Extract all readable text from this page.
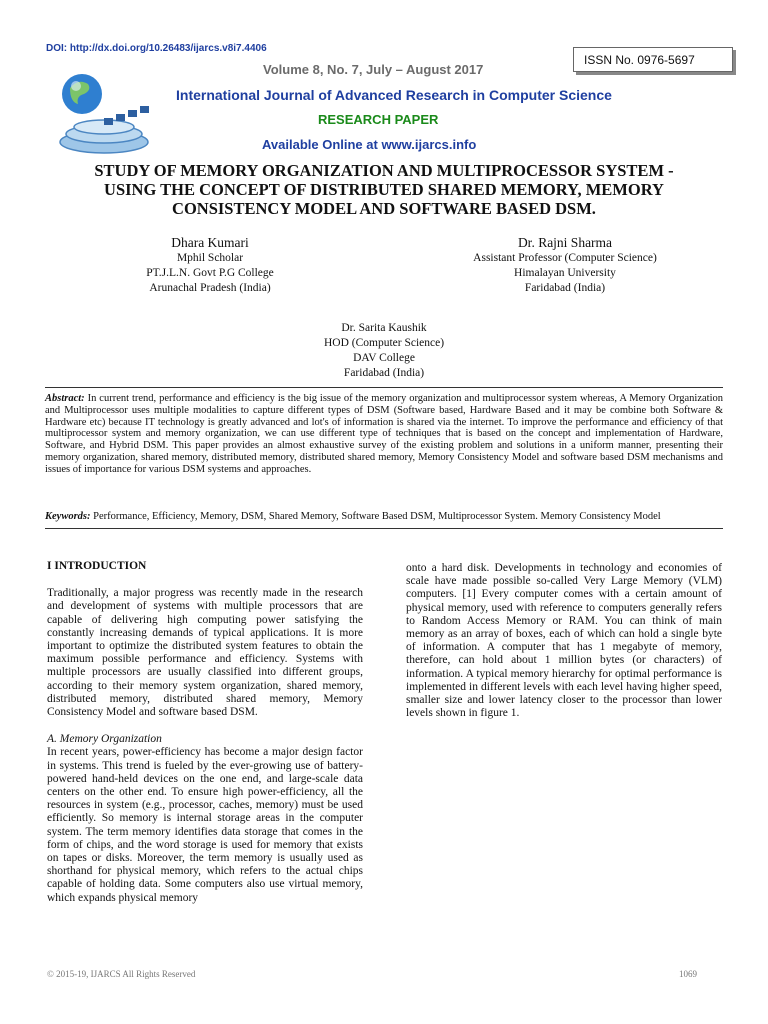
DOI: http://dx.doi.org/10.26483/ijarcs.v8i7.4406
ISSN No. 0976-5697
Volume 8, No. 7, July – August 2017
International Journal of Advanced Research in Computer Science
RESEARCH PAPER
Available Online at www.ijarcs.info
STUDY OF MEMORY ORGANIZATION AND MULTIPROCESSOR SYSTEM -
USING THE CONCEPT OF DISTRIBUTED SHARED MEMORY, MEMORY
CONSISTENCY MODEL AND SOFTWARE BASED DSM.
Dhara Kumari
Mphil Scholar
PT.J.L.N. Govt P.G College
Arunachal Pradesh (India)
Dr. Rajni Sharma
Assistant Professor (Computer Science)
Himalayan University
Faridabad (India)
Dr. Sarita Kaushik
HOD (Computer Science)
DAV College
Faridabad (India)
Abstract: In current trend, performance and efficiency is the big issue of the memory organization and multiprocessor system whereas, A Memory Organization and Multiprocessor uses multiple modalities to capture different types of DSM (Software based, Hardware Based and it may be combine both Software & Hardware etc) because IT technology is greatly advanced and lot's of information is shared via the internet. To improve the performance and efficiency of that multiprocessor system and memory organization, we can use different type of techniques that is based on the concept and implementation of Hardware, Software, and Hybrid DSM. This paper provides an almost exhaustive survey of the existing problem and solutions in a uniform manner, presenting their memory organization, shared memory, distributed memory, distributed shared memory, Memory Consistency Model and software based DSM mechanisms and issues of importance for various DSM systems and approaches.
Keywords: Performance, Efficiency, Memory, DSM, Shared Memory, Software Based DSM, Multiprocessor System. Memory Consistency Model
I INTRODUCTION
Traditionally, a major progress was recently made in the research and development of systems with multiple processors that are capable of delivering high computing power satisfying the constantly increasing demands of typical applications. It is more important to optimize the distributed system features to obtain the maximum possible performance and efficiency. Systems with multiple processors are usually classified into different groups, according to their memory system organization, shared memory, distributed memory, distributed shared memory, Memory Consistency Model and software based DSM.
A. Memory Organization
In recent years, power-efficiency has become a major design factor in systems. This trend is fueled by the ever-growing use of battery-powered hand-held devices on the one end, and large-scale data centers on the other end. To ensure high power-efficiency, all the resources in system (e.g., processor, caches, memory) must be used efficiently. So memory is internal storage areas in the computer system. The term memory identifies data storage that comes in the form of chips, and the word storage is used for memory that exists on tapes or disks. Moreover, the term memory is usually used as shorthand for physical memory, which refers to the actual chips capable of holding data. Some computers also use virtual memory, which expands physical memory
onto a hard disk. Developments in technology and economies of scale have made possible so-called Very Large Memory (VLM) computers. [1] Every computer comes with a certain amount of physical memory, used with reference to computers generally refers to Random Access Memory or RAM. You can think of main memory as an array of boxes, each of which can hold a single byte of information. A computer that has 1 megabyte of memory, therefore, can hold about 1 million bytes (or characters) of information. A typical memory hierarchy for optimal performance is implemented in different levels with each level having higher speed, smaller size and lower latency closer to the processor than lower levels shown in figure 1.
© 2015-19, IJARCS All Rights Reserved	1069
